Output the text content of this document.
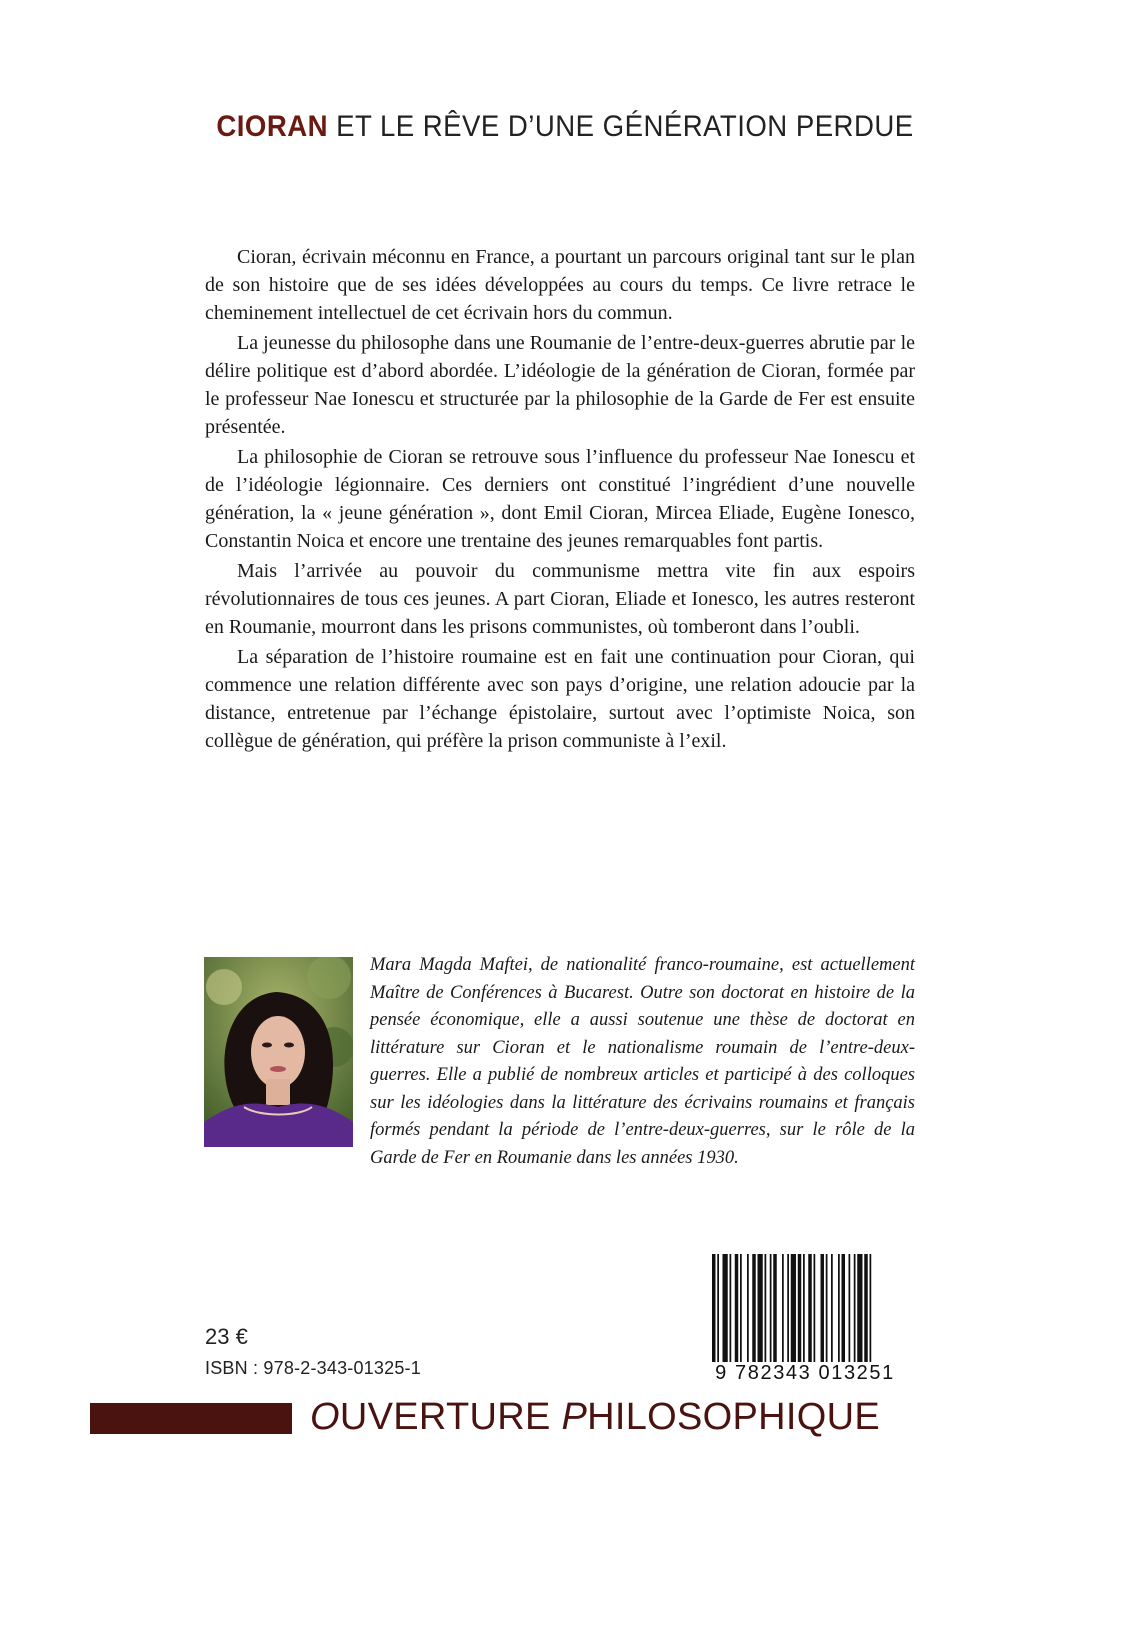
CIORAN ET LE RÊVE D’UNE GÉNÉRATION PERDUE

Cioran, écrivain méconnu en France, a pourtant un parcours original tant sur le plan de son histoire que de ses idées développées au cours du temps. Ce livre retrace le cheminement intellectuel de cet écrivain hors du commun.

La jeunesse du philosophe dans une Roumanie de l’entre-deux-guerres abrutie par le délire politique est d’abord abordée. L’idéologie de la génération de Cioran, formée par le professeur Nae Ionescu et structurée par la philosophie de la Garde de Fer est ensuite présentée.

La philosophie de Cioran se retrouve sous l’influence du professeur Nae Ionescu et de l’idéologie légionnaire. Ces derniers ont constitué l’ingrédient d’une nouvelle génération, la « jeune génération », dont Emil Cioran, Mircea Eliade, Eugène Ionesco, Constantin Noica et encore une trentaine des jeunes remarquables font partis.

Mais l’arrivée au pouvoir du communisme mettra vite fin aux espoirs révolutionnaires de tous ces jeunes. A part Cioran, Eliade et Ionesco, les autres resteront en Roumanie, mourront dans les prisons communistes, où tomberont dans l’oubli.

La séparation de l’histoire roumaine est en fait une continuation pour Cioran, qui commence une relation différente avec son pays d’origine, une relation adoucie par la distance, entretenue par l’échange épistolaire, surtout avec l’optimiste Noica, son collègue de génération, qui préfère la prison communiste à l’exil.

Mara Magda Maftei, de nationalité franco-roumaine, est actuellement Maître de Conférences à Bucarest. Outre son doctorat en histoire de la pensée économique, elle a aussi soutenue une thèse de doctorat en littérature sur Cioran et le nationalisme roumain de l’entre-deux-guerres. Elle a publié de nombreux articles et participé à des colloques sur les idéologies dans la littérature des écrivains roumains et français formés pendant la période de l’entre-deux-guerres, sur le rôle de la Garde de Fer en Roumanie dans les années 1930.
23 €
ISBN : 978-2-343-01325-1	9 782343 013251
OUVERTURE PHILOSOPHIQUE
